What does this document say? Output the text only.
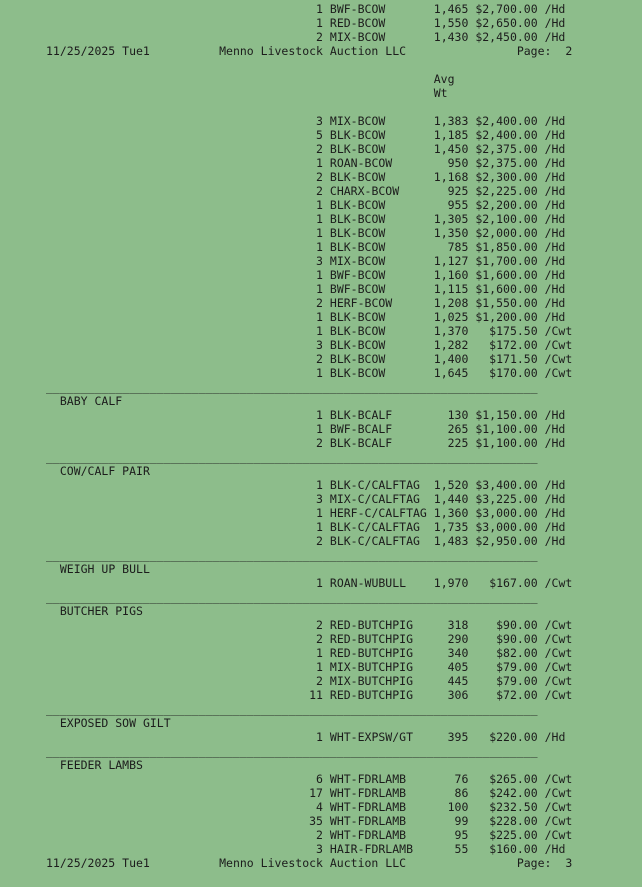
1 BWF-BCOW	1,465 $2,700.00 /Hd
1 RED-BCOW	1,550 $2,650.00 /Hd
2 MIX-BCOW	1,430 $2,450.00 /Hd
11/25/2025 Tue1	Menno Livestock Auction LLC	Page: 2
Avg
Wt
3 MIX-BCOW	1,383 $2,400.00 /Hd
5 BLK-BCOW	1,185 $2,400.00 /Hd
2 BLK-BCOW	1,450 $2,375.00 /Hd
1 ROAN-BCOW	950 $2,375.00 /Hd
2 BLK-BCOW	1,168 $2,300.00 /Hd
2 CHARX-BCOW	925 $2,225.00 /Hd
1 BLK-BCOW	955 $2,200.00 /Hd
1 BLK-BCOW	1,305 $2,100.00 /Hd
1 BLK-BCOW	1,350 $2,000.00 /Hd
1 BLK-BCOW	785 $1,850.00 /Hd
3 MIX-BCOW	1,127 $1,700.00 /Hd
1 BWF-BCOW	1,160 $1,600.00 /Hd
1 BWF-BCOW	1,115 $1,600.00 /Hd
2 HERF-BCOW	1,208 $1,550.00 /Hd
1 BLK-BCOW	1,025 $1,200.00 /Hd
1 BLK-BCOW	1,370 $175.50 /Cwt
3 BLK-BCOW	1,282 $172.00 /Cwt
2 BLK-BCOW	1,400 $171.50 /Cwt
1 BLK-BCOW	1,645 $170.00 /Cwt
_______________________________________________________________________
BABY CALF
1 BLK-BCALF	130 $1,150.00 /Hd
1 BWF-BCALF	265 $1,100.00 /Hd
2 BLK-BCALF	225 $1,100.00 /Hd
_______________________________________________________________________
COW/CALF PAIR
1 BLK-C/CALFTAG 1,520 $3,400.00 /Hd
3 MIX-C/CALFTAG 1,440 $3,225.00 /Hd
1 HERF-C/CALFTAG 1,360 $3,000.00 /Hd
1 BLK-C/CALFTAG 1,735 $3,000.00 /Hd
2 BLK-C/CALFTAG 1,483 $2,950.00 /Hd
_______________________________________________________________________
WEIGH UP BULL
1 ROAN-WUBULL 1,970 $167.00 /Cwt
_______________________________________________________________________
BUTCHER PIGS
2 RED-BUTCHPIG	318 $90.00 /Cwt
2 RED-BUTCHPIG	290 $90.00 /Cwt
1 RED-BUTCHPIG	340 $82.00 /Cwt
1 MIX-BUTCHPIG	405 $79.00 /Cwt
2 MIX-BUTCHPIG	445 $79.00 /Cwt
11 RED-BUTCHPIG	306 $72.00 /Cwt
_______________________________________________________________________
EXPOSED SOW GILT
1 WHT-EXPSW/GT	395 $220.00 /Hd
_______________________________________________________________________
FEEDER LAMBS
6 WHT-FDRLAMB	76 $265.00 /Cwt
17 WHT-FDRLAMB	86 $242.00 /Cwt
4 WHT-FDRLAMB	100 $232.50 /Cwt
35 WHT-FDRLAMB	99 $228.00 /Cwt
2 WHT-FDRLAMB	95 $225.00 /Cwt
3 HAIR-FDRLAMB	55 $160.00 /Hd
11/25/2025 Tue1	Menno Livestock Auction LLC	Page: 3
